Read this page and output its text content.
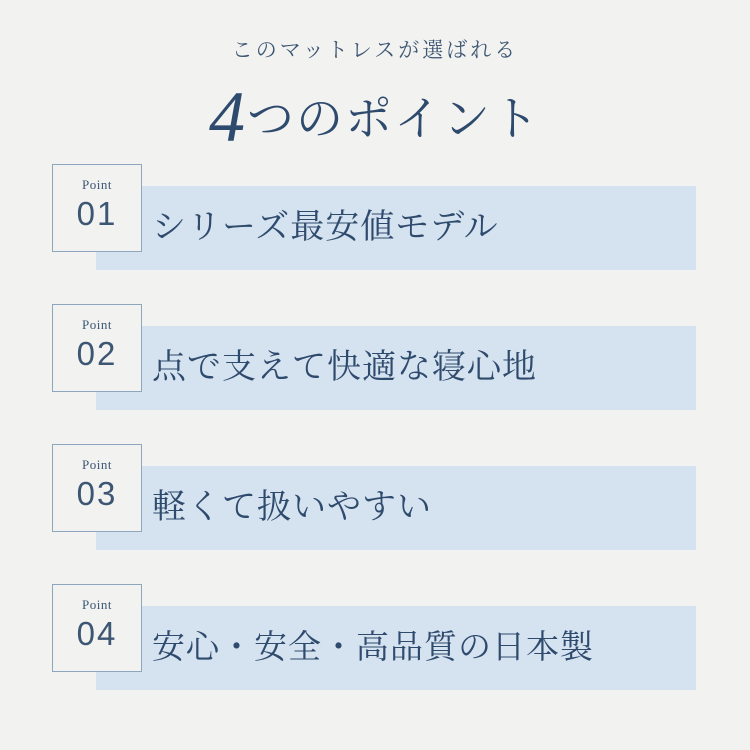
このマットレスが選ばれる
4つのポイント
Point
01	シリーズ最安値モデル
Point
02	点で支えて快適な寝心地
Point
03	軽くて扱いやすい
Point
04	安心・安全・高品質の日本製
